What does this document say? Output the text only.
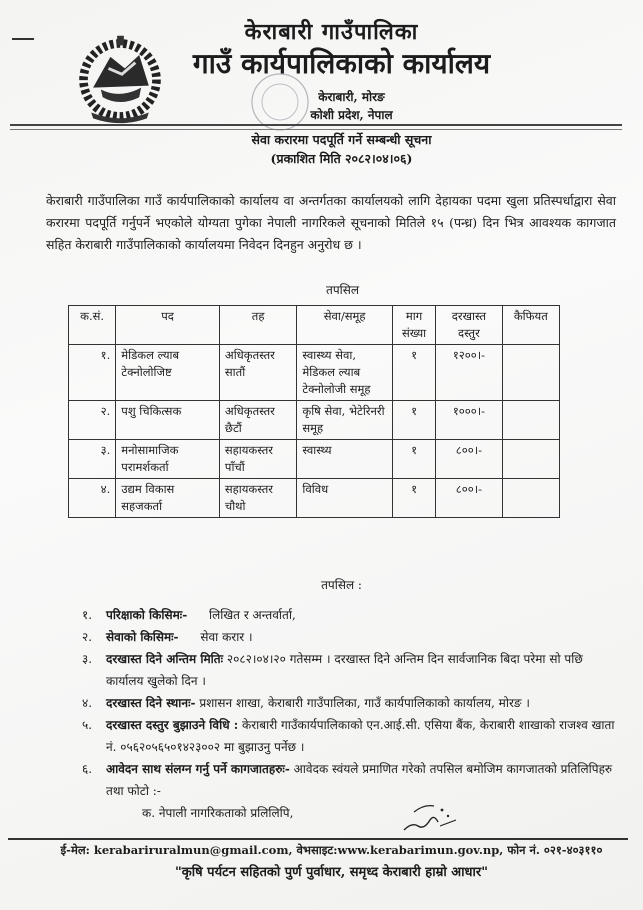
केराबारी गाउँपालिका
गाउँ कार्यपालिकाको कार्यालय
केराबारी, मोरङ
कोशी प्रदेश, नेपाल
सेवा करारमा पदपूर्ति गर्ने सम्बन्धी सूचना
(प्रकाशित मिति २०८२।०४।०६)
केराबारी गाउँपालिका गाउँ कार्यपालिकाको कार्यालय वा अन्तर्गतका कार्यालयको लागि देहायका पदमा खुला प्रतिस्पर्धाद्वारा सेवा करारमा पदपूर्ति गर्नुपर्ने भएकोले योग्यता पुगेका नेपाली नागरिकले सूचनाको मितिले १५ (पन्ध्र) दिन भित्र आवश्यक कागजात सहित केराबारी गाउँपालिकाको कार्यालयमा निवेदन दिनहुन अनुरोध छ ।
तपसिल
क.सं.	पद	तह	सेवा/समूह	माग संख्या	दरखास्त दस्तुर	कैफियत
१.	मेडिकल ल्याब टेक्नोलोजिष्ट	अधिकृतस्तर सातौं	स्वास्थ्य सेवा, मेडिकल ल्याब टेक्नोलोजी समूह	१	१२००।-	
२.	पशु चिकित्सक	अधिकृतस्तर छैटौं	कृषि सेवा, भेटेरिनरी समूह	१	१०००।-	
३.	मनोसामाजिक परामर्शकर्ता	सहायकस्तर पाँचौं	स्वास्थ्य	१	८००।-	
४.	उद्यम विकास सहजकर्ता	सहायकस्तर चौथो	विविध	१	८००।-	
तपसिल :
१. परिक्षाको किसिमः- लिखित र अन्तर्वार्ता,
२. सेवाको किसिमः- सेवा करार ।
३. दरखास्त दिने अन्तिम मितिः २०८२।०४।२० गतेसम्म । दरखास्त दिने अन्तिम दिन सार्वजानिक बिदा परेमा सो पछि कार्यालय खुलेको दिन ।
४. दरखास्त दिने स्थानः- प्रशासन शाखा, केराबारी गाउँपालिका, गाउँ कार्यपालिकाको कार्यालय, मोरङ ।
५. दरखास्त दस्तुर बुझाउने विधि : केराबारी गाउँकार्यपालिकाको एन.आई.सी. एसिया बैंक, केराबारी शाखाको राजश्व खाता नं. ०५६२०५६५०१४२३००२ मा बुझाउनु पर्नेछ ।
६. आवेदन साथ संलग्न गर्नु पर्ने कागजातहरुः- आवेदक स्वंयले प्रमाणित गरेको तपसिल बमोजिम कागजातको प्रतिलिपिहरु तथा फोटो :-
क. नेपाली नागरिकताको प्रलिलिपि,
ई-मेल: kerabariruralmun@gmail.com, वेभसाइट:www.kerabarimun.gov.np, फोन नं. ०२१-४०३११०
"कृषि पर्यटन सहितको पुर्ण पुर्वाधार, समृध्द केराबारी हाम्रो आधार"
